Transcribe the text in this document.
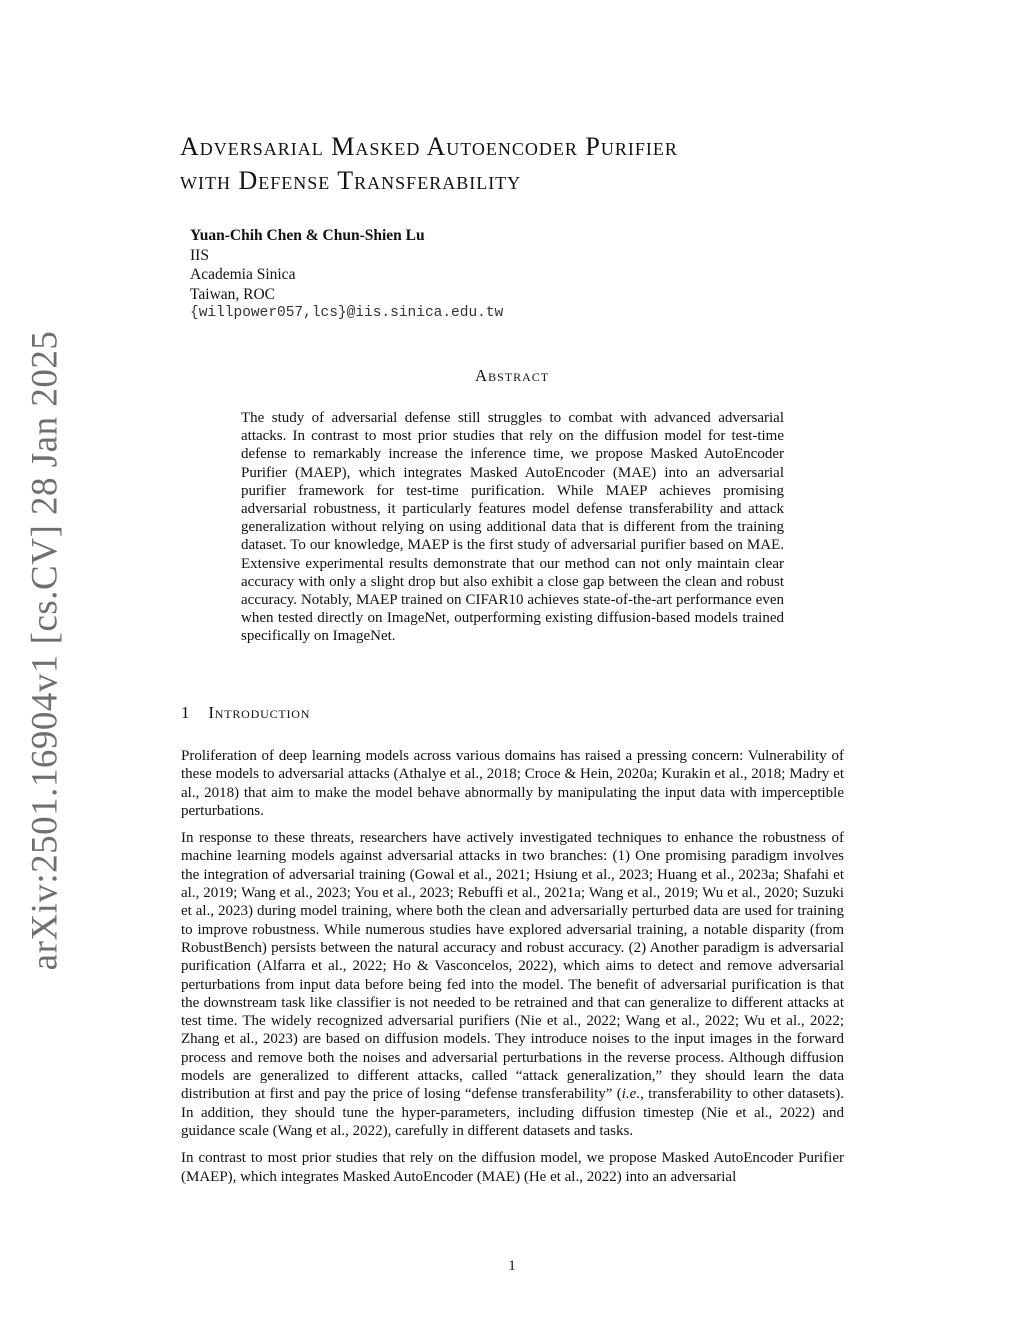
arXiv:2501.16904v1 [cs.CV] 28 Jan 2025
Adversarial Masked Autoencoder Purifier
with Defense Transferability
Yuan-Chih Chen & Chun-Shien Lu
IIS
Academia Sinica
Taiwan, ROC
{willpower057,lcs}@iis.sinica.edu.tw
Abstract

The study of adversarial defense still struggles to combat with advanced adversarial attacks. In contrast to most prior studies that rely on the diffusion model for test-time defense to remarkably increase the inference time, we propose Masked AutoEncoder Purifier (MAEP), which integrates Masked AutoEncoder (MAE) into an adversarial purifier framework for test-time purification. While MAEP achieves promising adversarial robustness, it particularly features model defense transferability and attack generalization without relying on using additional data that is different from the training dataset. To our knowledge, MAEP is the first study of adversarial purifier based on MAE. Extensive experimental results demonstrate that our method can not only maintain clear accuracy with only a slight drop but also exhibit a close gap between the clean and robust accuracy. Notably, MAEP trained on CIFAR10 achieves state-of-the-art performance even when tested directly on ImageNet, outperforming existing diffusion-based models trained specifically on ImageNet.

1 Introduction

Proliferation of deep learning models across various domains has raised a pressing concern: Vulnerability of these models to adversarial attacks (Athalye et al., 2018; Croce & Hein, 2020a; Kurakin et al., 2018; Madry et al., 2018) that aim to make the model behave abnormally by manipulating the input data with imperceptible perturbations.

In response to these threats, researchers have actively investigated techniques to enhance the robustness of machine learning models against adversarial attacks in two branches: (1) One promising paradigm involves the integration of adversarial training (Gowal et al., 2021; Hsiung et al., 2023; Huang et al., 2023a; Shafahi et al., 2019; Wang et al., 2023; You et al., 2023; Rebuffi et al., 2021a; Wang et al., 2019; Wu et al., 2020; Suzuki et al., 2023) during model training, where both the clean and adversarially perturbed data are used for training to improve robustness. While numerous studies have explored adversarial training, a notable disparity (from RobustBench) persists between the natural accuracy and robust accuracy. (2) Another paradigm is adversarial purification (Alfarra et al., 2022; Ho & Vasconcelos, 2022), which aims to detect and remove adversarial perturbations from input data before being fed into the model. The benefit of adversarial purification is that the downstream task like classifier is not needed to be retrained and that can generalize to different attacks at test time. The widely recognized adversarial purifiers (Nie et al., 2022; Wang et al., 2022; Wu et al., 2022; Zhang et al., 2023) are based on diffusion models. They introduce noises to the input images in the forward process and remove both the noises and adversarial perturbations in the reverse process. Although diffusion models are generalized to different attacks, called “attack generalization,” they should learn the data distribution at first and pay the price of losing “defense transferability” (i.e., transferability to other datasets). In addition, they should tune the hyper-parameters, including diffusion timestep (Nie et al., 2022) and guidance scale (Wang et al., 2022), carefully in different datasets and tasks.

In contrast to most prior studies that rely on the diffusion model, we propose Masked AutoEncoder Purifier (MAEP), which integrates Masked AutoEncoder (MAE) (He et al., 2022) into an adversarial

1
